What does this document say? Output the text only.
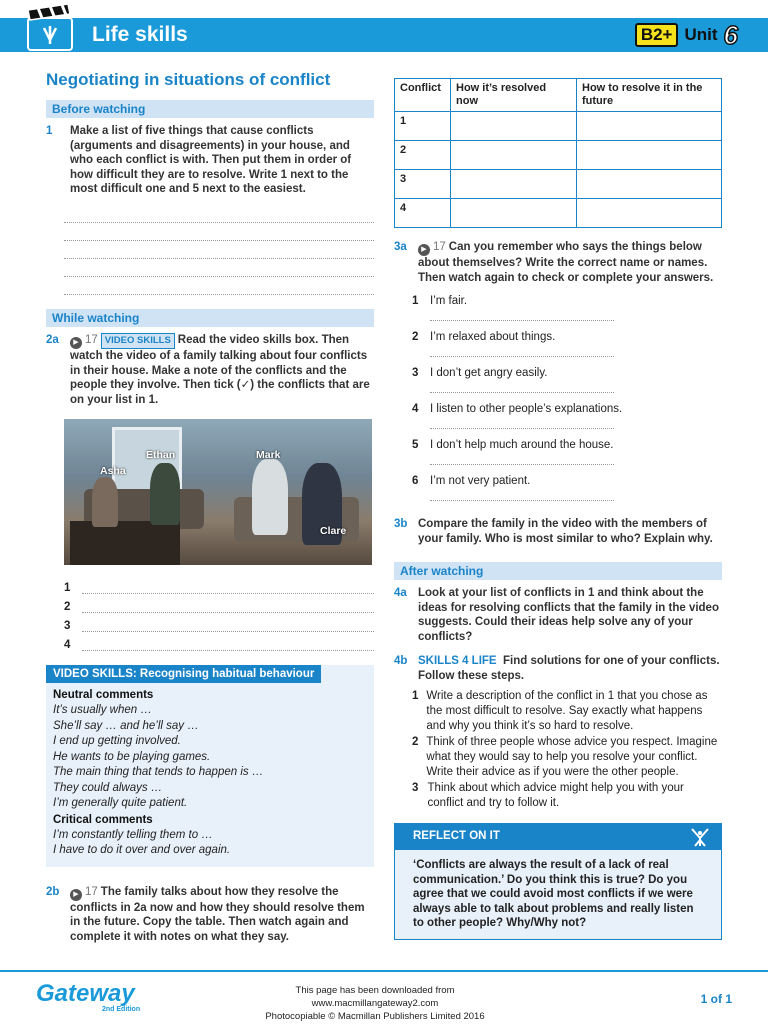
Life skills	B2+ Unit 6
Negotiating in situations of conflict
Before watching
1	Make a list of five things that cause conflicts (arguments and disagreements) in your house, and who each conflict is with. Then put them in order of how difficult they are to resolve. Write 1 next to the most difficult one and 5 next to the easiest.
While watching
2a	▶ 17 VIDEO SKILLS Read the video skills box. Then watch the video of a family talking about four conflicts in their house. Make a note of the conflicts and the people they involve. Then tick (✓) the conflicts that are on your list in 1.
Asha
Ethan	Mark
Clare
1
2
3
4
VIDEO SKILLS: Recognising habitual behaviour
Neutral comments
It’s usually when …
She’ll say … and he’ll say …
I end up getting involved.
He wants to be playing games.
The main thing that tends to happen is …
They could always …
I’m generally quite patient.
Critical comments
I’m constantly telling them to …
I have to do it over and over again.
2b	▶ 17 The family talks about how they resolve the conflicts in 2a now and how they should resolve them in the future. Copy the table. Then watch again and complete it with notes on what they say.
Conflict	How it’s resolved now	How to resolve it in the future
1		
2		
3		
4		
3a	▶ 17 Can you remember who says the things below about themselves? Write the correct name or names. Then watch again to check or complete your answers.
1	I’m fair.
2	I’m relaxed about things.
3	I don’t get angry easily.
4	I listen to other people’s explanations.
5	I don’t help much around the house.
6	I’m not very patient.
3b Compare the family in the video with the members of your family. Who is most similar to who? Explain why.
After watching
4a Look at your list of conflicts in 1 and think about the ideas for resolving conflicts that the family in the video suggests. Could their ideas help solve any of your conflicts?
4b SKILLS 4 LIFE Find solutions for one of your conflicts. Follow these steps.
1 Write a description of the conflict in 1 that you chose as the most difficult to resolve. Say exactly what happens and why you think it’s so hard to resolve.
2 Think of three people whose advice you respect. Imagine what they would say to help you resolve your conflict. Write their advice as if you were the other people.
3 Think about which advice might help you with your conflict and try to follow it.
REFLECT ON IT
‘Conflicts are always the result of a lack of real communication.’ Do you think this is true? Do you agree that we could avoid most conflicts if we were always able to talk about problems and really listen to other people? Why/Why not?
Gateway
2nd Edition
This page has been downloaded from www.macmillangateway2.com
Photocopiable © Macmillan Publishers Limited 2016
1 of 1
